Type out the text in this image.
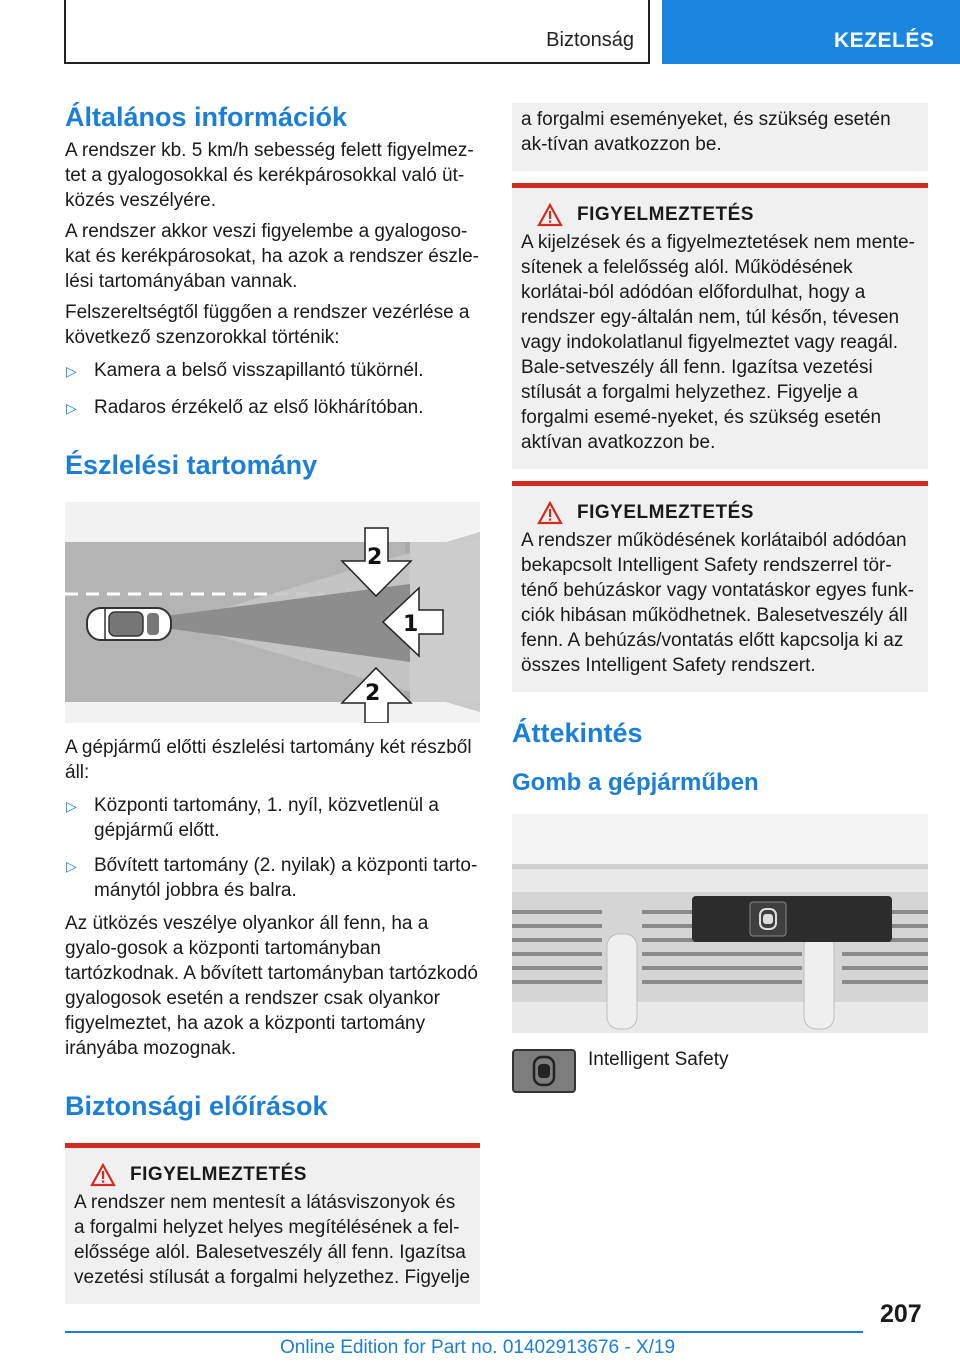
Biztonság	KEZELÉS
Általános információk

A rendszer kb. 5 km/h sebesség felett figyelmez-tet a gyalogosokkal és kerékpárosokkal való üt-közés veszélyére.

A rendszer akkor veszi figyelembe a gyalogoso-kat és kerékpárosokat, ha azok a rendszer észle-lési tartományában vannak.

Felszereltségtől függően a rendszer vezérlése a következő szenzorokkal történik:

▷ Kamera a belső visszapillantó tükörnél.
▷ Radaros érzékelő az első lökhárítóban.
Észlelési tartomány
2
1
2

A gépjármű előtti észlelési tartomány két részből áll:

▷ Központi tartomány, 1. nyíl, közvetlenül a gépjármű előtt.
▷ Bővített tartomány (2. nyilak) a központi tarto-mánytól jobbra és balra.

Az ütközés veszélye olyankor áll fenn, ha a gyalo-gosok a központi tartományban tartózkodnak. A bővített tartományban tartózkodó gyalogosok esetén a rendszer csak olyankor figyelmeztet, ha azok a központi tartomány irányába mozognak.

Biztonsági előírások
FIGYELMEZTETÉS

A rendszer nem mentesít a látásviszonyok és a forgalmi helyzet helyes megítélésének a fel-előssége alól. Balesetveszély áll fenn. Igazítsa vezetési stílusát a forgalmi helyzethez. Figyelje

a forgalmi eseményeket, és szükség esetén ak-tívan avatkozzon be.

FIGYELMEZTETÉS

A kijelzések és a figyelmeztetések nem mente-sítenek a felelősség alól. Működésének korlátai-ból adódóan előfordulhat, hogy a rendszer egy-általán nem, túl későn, tévesen vagy indokolatlanul figyelmeztet vagy reagál. Bale-setveszély áll fenn. Igazítsa vezetési stílusát a forgalmi helyzethez. Figyelje a forgalmi esemé-nyeket, és szükség esetén aktívan avatkozzon be.

FIGYELMEZTETÉS

A rendszer működésének korlátaiból adódóan bekapcsolt Intelligent Safety rendszerrel tör-ténő behúzáskor vagy vontatáskor egyes funk-ciók hibásan működhetnek. Balesetveszély áll fenn. A behúzás/vontatás előtt kapcsolja ki az összes Intelligent Safety rendszert.

Áttekintés
Gomb a gépjárműben
Intelligent Safety
207
Online Edition for Part no. 01402913676 - X/19
